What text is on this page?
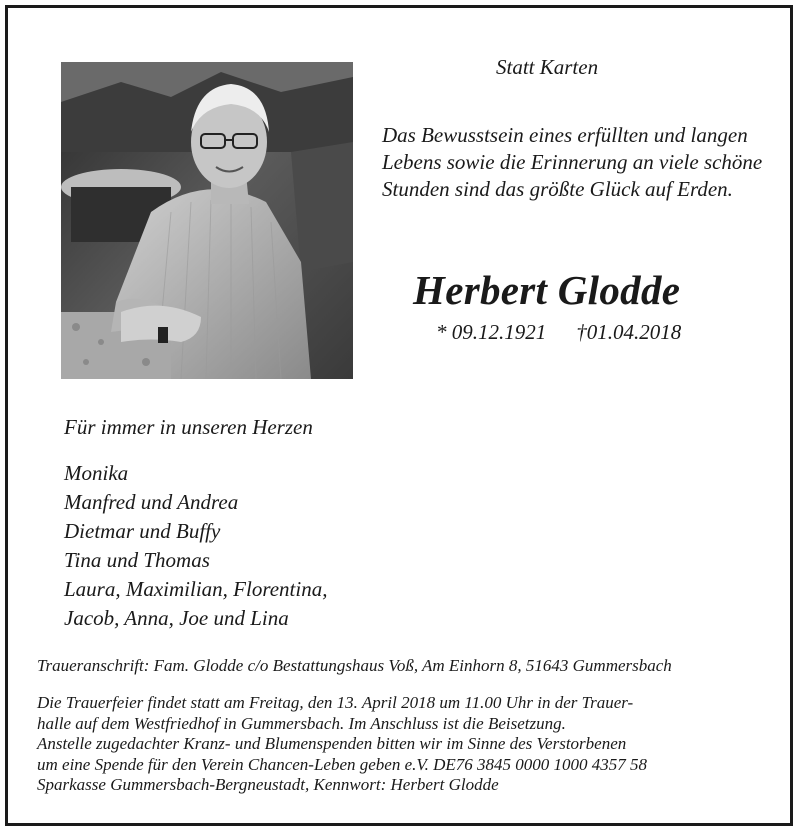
Statt Karten
Das Bewusstsein eines erfüllten und langen
Lebens sowie die Erinnerung an viele schöne
Stunden sind das größte Glück auf Erden.
Herbert Glodde
* 09.12.1921 †01.04.2018
Für immer in unseren Herzen
Monika
Manfred und Andrea
Dietmar und Buffy
Tina und Thomas
Laura, Maximilian, Florentina,
Jacob, Anna, Joe und Lina
Traueranschrift: Fam. Glodde c/o Bestattungshaus Voß, Am Einhorn 8, 51643 Gummersbach
Die Trauerfeier findet statt am Freitag, den 13. April 2018 um 11.00 Uhr in der Trauer-
halle auf dem Westfriedhof in Gummersbach. Im Anschluss ist die Beisetzung.
Anstelle zugedachter Kranz- und Blumenspenden bitten wir im Sinne des Verstorbenen
um eine Spende für den Verein Chancen-Leben geben e.V. DE76 3845 0000 1000 4357 58
Sparkasse Gummersbach-Bergneustadt, Kennwort: Herbert Glodde
